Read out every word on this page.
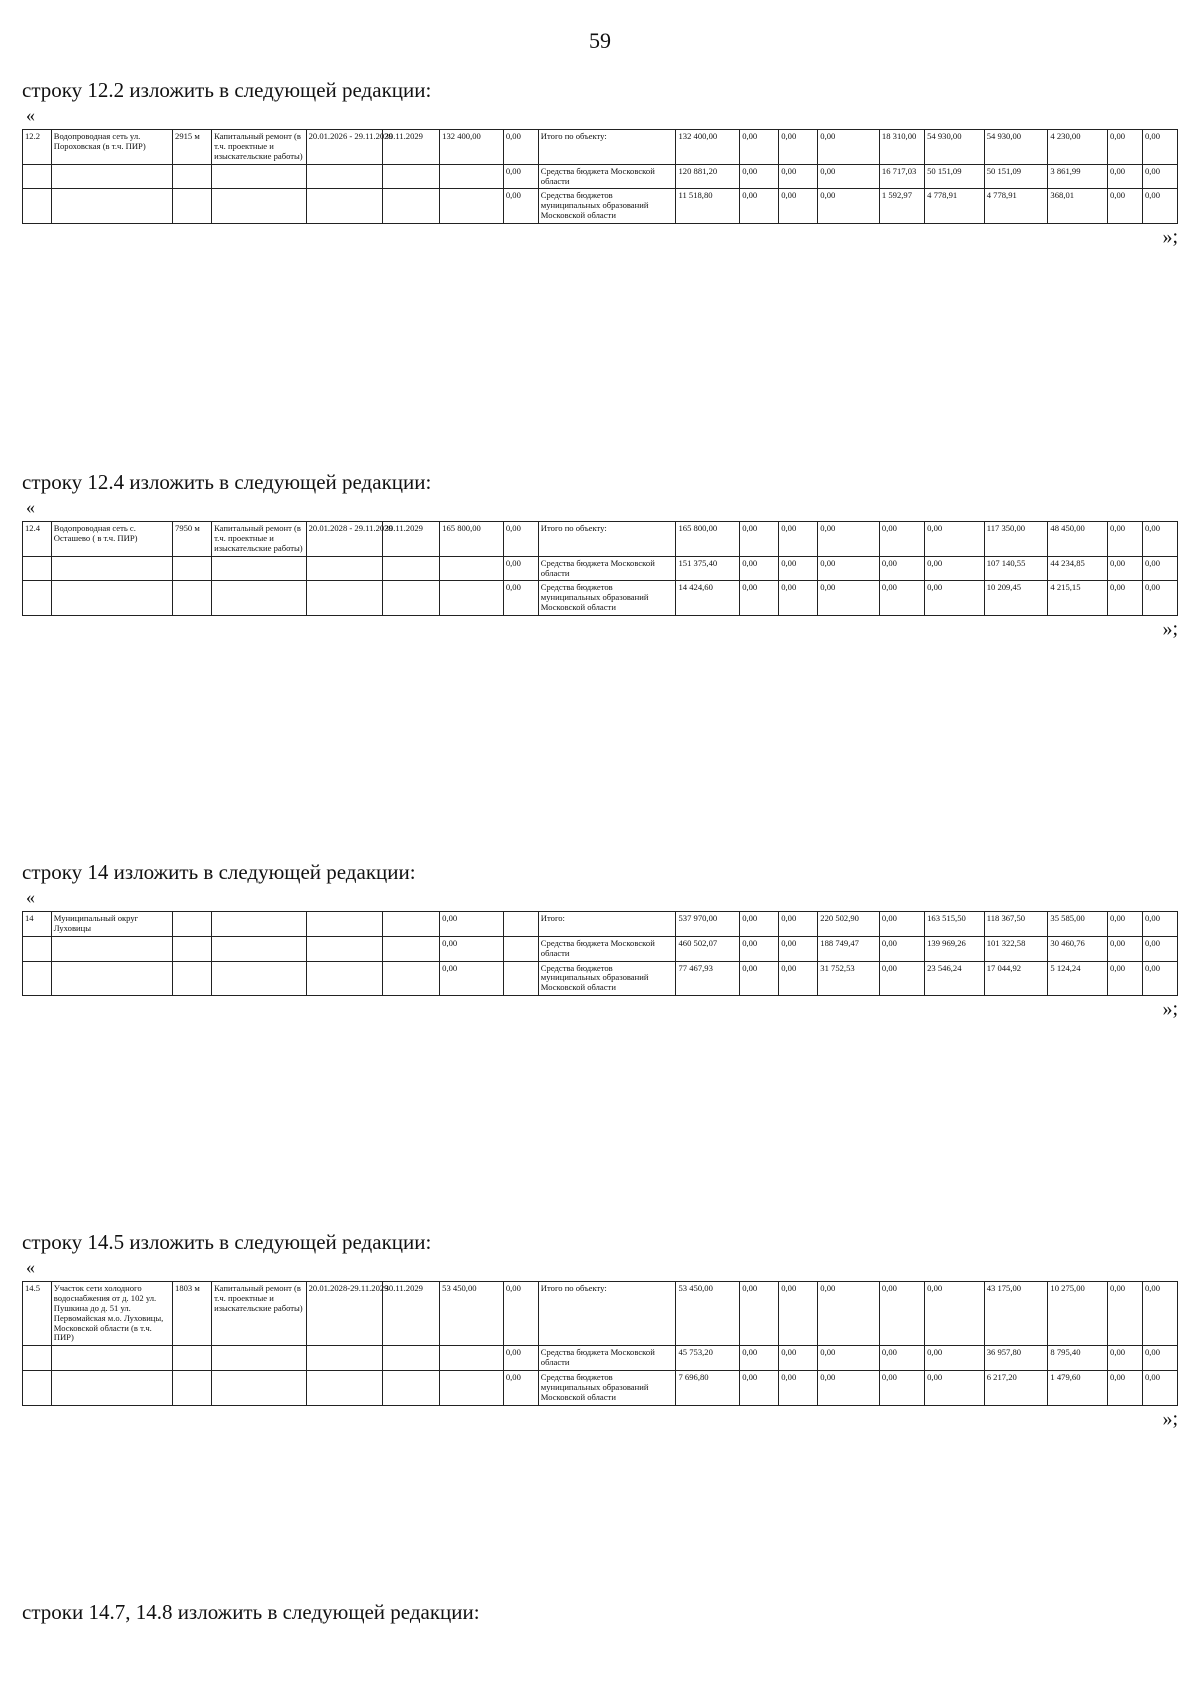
59
строку 12.2 изложить в следующей редакции:
«
12.2	Водопроводная сеть ул. Пороховская (в т.ч. ПИР)	2915 м	Капитальный ремонт (в т.ч. проектные и изыскательские работы)	20.01.2026 - 29.11.2029	30.11.2029	132 400,00	0,00	Итого по объекту:	132 400,00	0,00	0,00	0,00	18 310,00	54 930,00	54 930,00	4 230,00	0,00	0,00
							0,00	Средства бюджета Московской области	120 881,20	0,00	0,00	0,00	16 717,03	50 151,09	50 151,09	3 861,99	0,00	0,00
							0,00	Средства бюджетов муниципальных образований Московской области	11 518,80	0,00	0,00	0,00	1 592,97	4 778,91	4 778,91	368,01	0,00	0,00
»;
строку 12.4 изложить в следующей редакции:
«
12.4	Водопроводная сеть с. Осташево ( в т.ч. ПИР)	7950 м	Капитальный ремонт (в т.ч. проектные и изыскательские работы)	20.01.2028 - 29.11.2029	30.11.2029	165 800,00	0,00	Итого по объекту:	165 800,00	0,00	0,00	0,00	0,00	0,00	117 350,00	48 450,00	0,00	0,00
							0,00	Средства бюджета Московской области	151 375,40	0,00	0,00	0,00	0,00	0,00	107 140,55	44 234,85	0,00	0,00
							0,00	Средства бюджетов муниципальных образований Московской области	14 424,60	0,00	0,00	0,00	0,00	0,00	10 209,45	4 215,15	0,00	0,00
»;
строку 14 изложить в следующей редакции:
«
14	Муниципальный округ Луховицы					0,00		Итого:	537 970,00	0,00	0,00	220 502,90	0,00	163 515,50	118 367,50	35 585,00	0,00	0,00
						0,00		Средства бюджета Московской области	460 502,07	0,00	0,00	188 749,47	0,00	139 969,26	101 322,58	30 460,76	0,00	0,00
						0,00		Средства бюджетов муниципальных образований Московской области	77 467,93	0,00	0,00	31 752,53	0,00	23 546,24	17 044,92	5 124,24	0,00	0,00
»;
строку 14.5 изложить в следующей редакции:
«
14.5	Участок сети холодного водоснабжения от д. 102 ул. Пушкина до д. 51 ул. Первомайская м.о. Луховицы, Московской области (в т.ч. ПИР)	1803 м	Капитальный ремонт (в т.ч. проектные и изыскательские работы)	20.01.2028-29.11.2029	30.11.2029	53 450,00	0,00	Итого по объекту:	53 450,00	0,00	0,00	0,00	0,00	0,00	43 175,00	10 275,00	0,00	0,00
							0,00	Средства бюджета Московской области	45 753,20	0,00	0,00	0,00	0,00	0,00	36 957,80	8 795,40	0,00	0,00
							0,00	Средства бюджетов муниципальных образований Московской области	7 696,80	0,00	0,00	0,00	0,00	0,00	6 217,20	1 479,60	0,00	0,00
»;
строки 14.7, 14.8 изложить в следующей редакции:
